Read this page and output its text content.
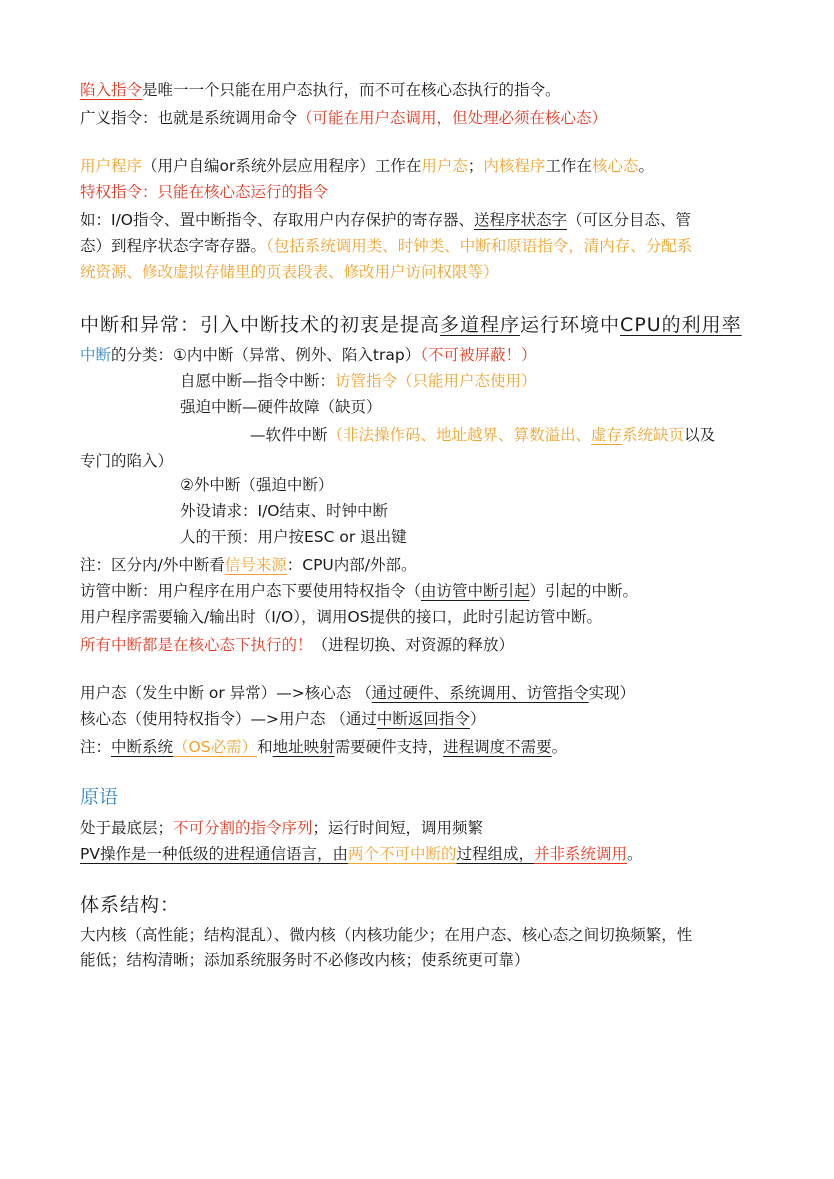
陷入指令是唯一一个只能在用户态执行，而不可在核心态执行的指令。
广义指令：也就是系统调用命令（可能在用户态调用，但处理必须在核心态）
用户程序（用户自编or系统外层应用程序）工作在用户态；内核程序工作在核心态。
特权指令：只能在核心态运行的指令
如：I/O指令、置中断指令、存取用户内存保护的寄存器、送程序状态字（可区分目态、管
态）到程序状态字寄存器。（包括系统调用类、时钟类、中断和原语指令，清内存、分配系
统资源、修改虚拟存储里的页表段表、修改用户访问权限等）
中断和异常：引入中断技术的初衷是提高多道程序运行环境中CPU的利用率
中断的分类：①内中断（异常、例外、陷入trap）（不可被屏蔽！）
自愿中断—指令中断：访管指令（只能用户态使用）
强迫中断—硬件故障（缺页）
—软件中断（非法操作码、地址越界、算数溢出、虚存系统缺页以及
专门的陷入）
②外中断（强迫中断）
外设请求：I/O结束、时钟中断
人的干预：用户按ESC or 退出键
注：区分内/外中断看信号来源：CPU内部/外部。
访管中断：用户程序在用户态下要使用特权指令（由访管中断引起）引起的中断。
用户程序需要输入/输出时（I/O），调用OS提供的接口，此时引起访管中断。
所有中断都是在核心态下执行的！（进程切换、对资源的释放）
用户态（发生中断 or 异常）—>核心态 （通过硬件、系统调用、访管指令实现）
核心态（使用特权指令）—>用户态 （通过中断返回指令）
注：中断系统（OS必需）和地址映射需要硬件支持，进程调度不需要。
原语
处于最底层；不可分割的指令序列；运行时间短，调用频繁
PV操作是一种低级的进程通信语言，由两个不可中断的过程组成，并非系统调用。
体系结构：
大内核（高性能；结构混乱）、微内核（内核功能少；在用户态、核心态之间切换频繁，性
能低；结构清晰；添加系统服务时不必修改内核；使系统更可靠）
